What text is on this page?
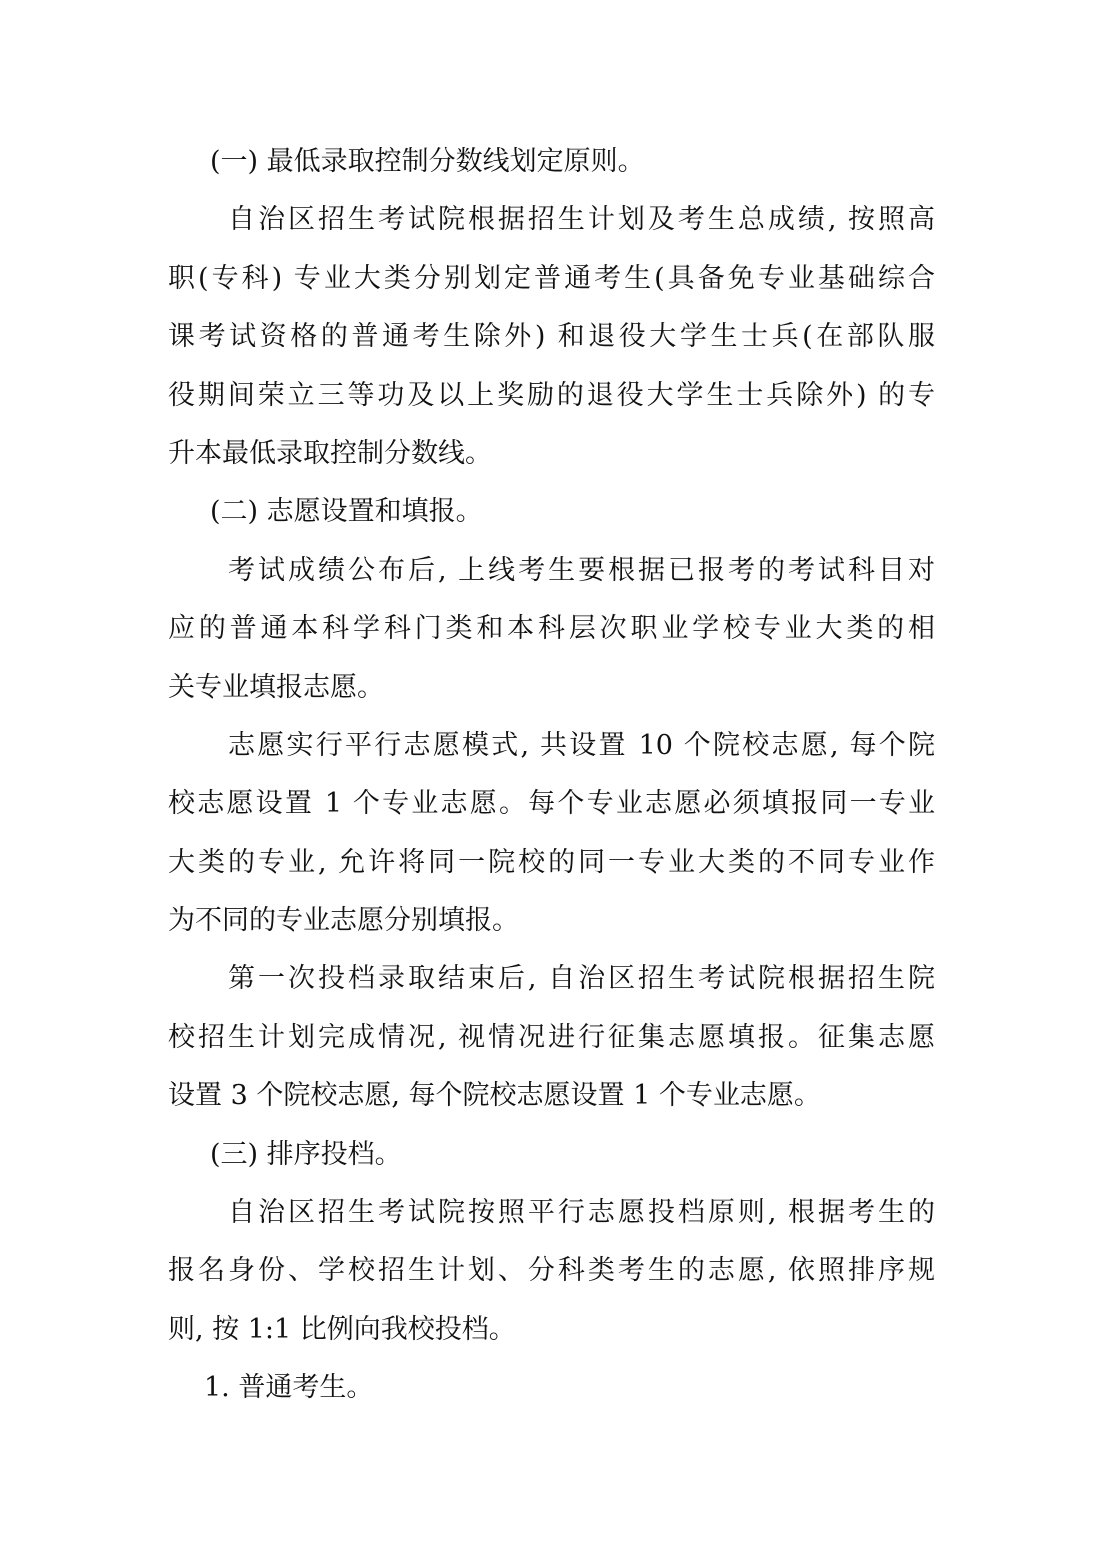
(一) 最低录取控制分数线划定原则。
自治区招生考试院根据招生计划及考生总成绩, 按照高
职(专科) 专业大类分别划定普通考生(具备免专业基础综合
课考试资格的普通考生除外) 和退役大学生士兵(在部队服
役期间荣立三等功及以上奖励的退役大学生士兵除外) 的专
升本最低录取控制分数线。
(二) 志愿设置和填报。
考试成绩公布后, 上线考生要根据已报考的考试科目对
应的普通本科学科门类和本科层次职业学校专业大类的相
关专业填报志愿。
志愿实行平行志愿模式, 共设置 10 个院校志愿, 每个院
校志愿设置 1 个专业志愿。每个专业志愿必须填报同一专业
大类的专业, 允许将同一院校的同一专业大类的不同专业作
为不同的专业志愿分别填报。
第一次投档录取结束后, 自治区招生考试院根据招生院
校招生计划完成情况, 视情况进行征集志愿填报。征集志愿
设置 3 个院校志愿, 每个院校志愿设置 1 个专业志愿。
(三) 排序投档。
自治区招生考试院按照平行志愿投档原则, 根据考生的
报名身份、学校招生计划、分科类考生的志愿, 依照排序规
则, 按 1:1 比例向我校投档。
1. 普通考生。
